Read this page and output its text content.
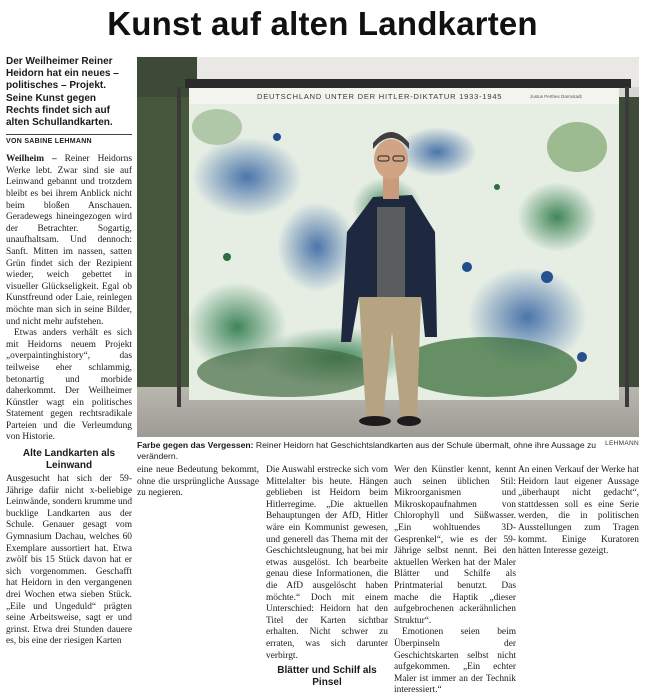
Kunst auf alten Landkarten

Der Weilheimer Reiner Heidorn hat ein neues – politisches – Projekt. Seine Kunst gegen Rechts findet sich auf alten Schullandkarten.

VON SABINE LEHMANN

Weilheim – Reiner Heidorns Werke lebt. Zwar sind sie auf Leinwand gebannt und trotzdem bleibt es bei ihrem Anblick nicht beim bloßen Anschauen. Geradewegs hineingezogen wird der Betrachter. Sogartig, unaufhaltsam. Und dennoch: Sanft. Mitten im nassen, satten Grün findet sich der Rezipient wieder, weich gebettet in visueller Glückseligkeit. Egal ob Kunstfreund oder Laie, reinlegen möchte man sich in seine Bilder, und nicht mehr aufstehen.

Etwas anders verhält es sich mit Heidorns neuem Projekt „overpaintinghistory“, das teilweise eher schlammig, betonartig und morbide daherkommt. Der Weilheimer Künstler wagt ein politisches Statement gegen rechtsradikale Parteien und die Verleumdung von Historie.

Alte Landkarten als Leinwand

Ausgesucht hat sich der 59-Jährige dafür nicht x-beliebige Leinwände, sondern krumme und bucklige Landkarten aus der Schule. Genauer gesagt vom Gymnasium Dachau, welches 60 Exemplare aussortiert hat. Etwa zwölf bis 15 Stück davon hat er sich vorgenommen. Geschafft hat Heidorn in den vergangenen drei Wochen etwa sieben Stück. „Eile und Ungeduld“ prägten seine Arbeitsweise, sagt er und grinst. Etwa drei Stunden dauere es, bis eine der riesigen Karten

DEUTSCHLAND UNTER DER HITLER-DIKTATUR 1933-1945	Justus Perthes Darmstadt
LEHMANN
Farbe gegen das Vergessen: Reiner Heidorn hat Geschichtslandkarten aus der Schule übermalt, ohne ihre Aussage zu verändern.

eine neue Bedeutung bekommt, ohne die ursprüngliche Aussage zu negieren.

Die Auswahl erstrecke sich vom Mittelalter bis heute. Hängen geblieben ist Heidorn beim Hitlerregime. „Die aktuellen Behauptungen der AfD, Hitler wäre ein Kommunist gewesen, und generell das Thema mit der Geschichtsleugnung, hat bei mir etwas ausgelöst. Ich bearbeite genau diese Informationen, die die AfD ausgelöscht haben möchte.“ Doch mit einem Unterschied: Heidorn hat den Titel der Karten sichtbar erhalten. Nicht schwer zu erraten, was sich darunter verbirgt.

Blätter und Schilf als Pinsel

Wer den Künstler kennt, kennt auch seinen üblichen Stil: Mikroorganismen und Mikroskopaufnahmen von Chlorophyll und Süßwasser. „Ein wohltuendes 3D-Gesprenkel“, wie es der 59-Jährige selbst nennt. Bei den aktuellen Werken hat der Maler Blätter und Schilfe als Printmaterial benutzt. Das mache die Haptik „dieser aufgebrochenen ackerähnlichen Struktur“.

Emotionen seien beim Überpinseln der Geschichtskarten selbst nicht aufgekommen. „Ein echter Maler ist immer an der Technik interessiert.“

An einen Verkauf der Werke hat Heidorn laut eigener Aussage „überhaupt nicht gedacht“, stattdessen soll es eine Serie werden, die in politischen Ausstellungen zum Tragen kommt. Einige Kuratoren hätten Interesse gezeigt.
